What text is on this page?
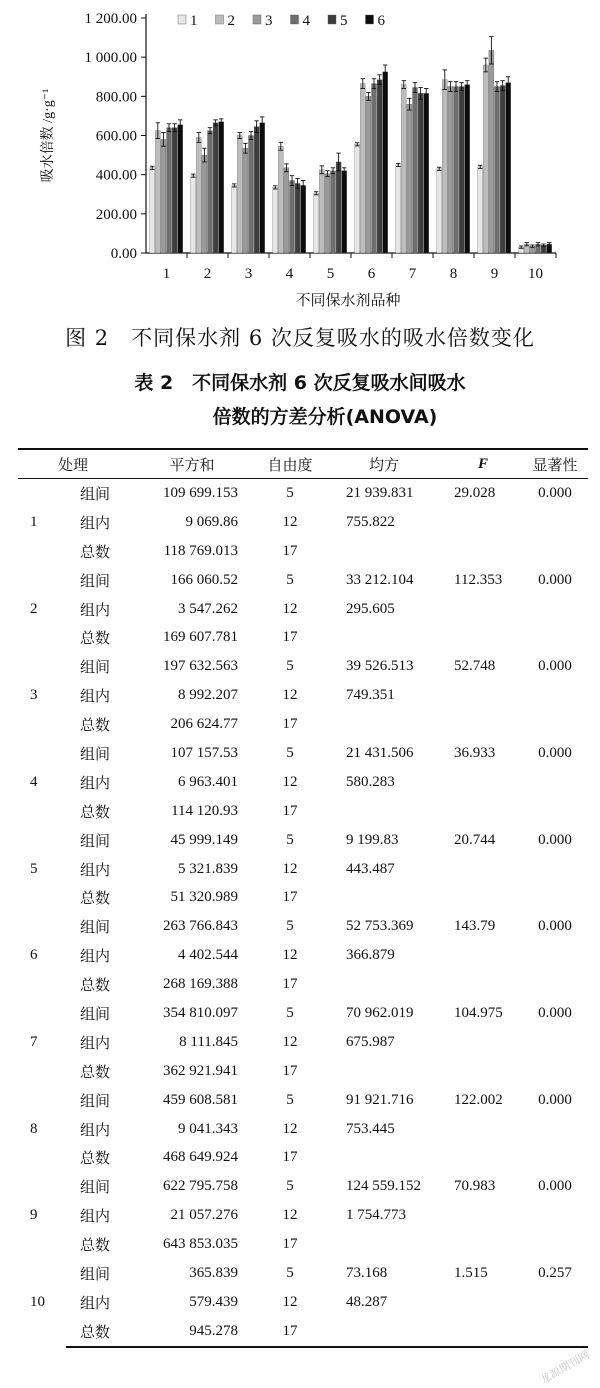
0.00
200.00
400.00
600.00
800.00
1 000.00
1 200.00
1 2 3 4 5 6 7 8 9 10
1 2 3 4 5 6
不同保水剂品种
吸水倍数 /g·g⁻¹
图 2　不同保水剂 6 次反复吸水的吸水倍数变化
表 2　不同保水剂 6 次反复吸水间吸水
倍数的方差分析(ANOVA)
处理		平方和	自由度	均方	F	显著性
1	组间	109 699.153	5	21 939.831	29.028	0.000
	组内	9 069.86	12	755.822		
	总数	118 769.013	17			
2	组间	166 060.52	5	33 212.104	112.353	0.000
	组内	3 547.262	12	295.605		
	总数	169 607.781	17			
3	组间	197 632.563	5	39 526.513	52.748	0.000
	组内	8 992.207	12	749.351		
	总数	206 624.77	17			
4	组间	107 157.53	5	21 431.506	36.933	0.000
	组内	6 963.401	12	580.283		
	总数	114 120.93	17			
5	组间	45 999.149	5	9 199.83	20.744	0.000
	组内	5 321.839	12	443.487		
	总数	51 320.989	17			
6	组间	263 766.843	5	52 753.369	143.79	0.000
	组内	4 402.544	12	366.879		
	总数	268 169.388	17			
7	组间	354 810.097	5	70 962.019	104.975	0.000
	组内	8 111.845	12	675.987		
	总数	362 921.941	17			
8	组间	459 608.581	5	91 921.716	122.002	0.000
	组内	9 041.343	12	753.445		
	总数	468 649.924	17			
9	组间	622 795.758	5	124 559.152	70.983	0.000
	组内	21 057.276	12	1 754.773		
	总数	643 853.035	17			
10	组间	365.839	5	73.168	1.515	0.257
	组内	579.439	12	48.287		
	总数	945.278	17			
龙源期刊网
